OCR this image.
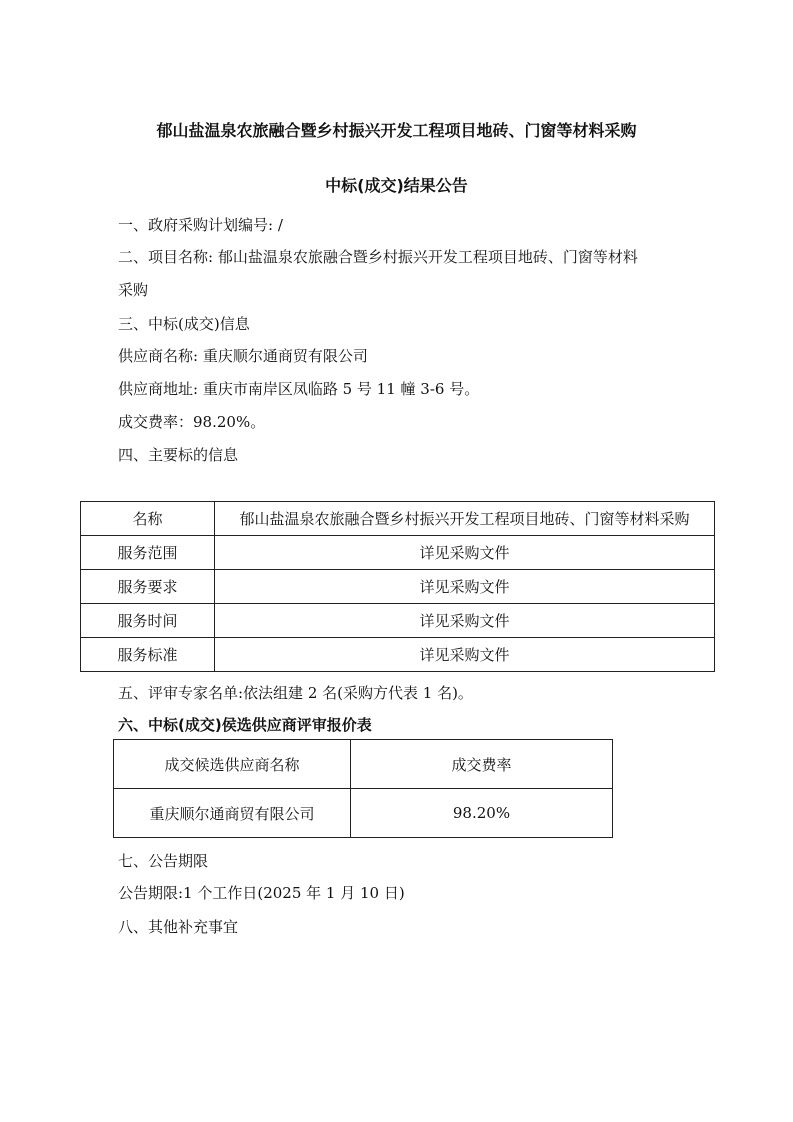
郁山盐温泉农旅融合暨乡村振兴开发工程项目地砖、门窗等材料采购
中标(成交)结果公告
一、政府采购计划编号: /
二、项目名称: 郁山盐温泉农旅融合暨乡村振兴开发工程项目地砖、门窗等材料
采购
三、中标(成交)信息
供应商名称: 重庆顺尔通商贸有限公司
供应商地址: 重庆市南岸区凤临路 5 号 11 幢 3-6 号。
成交费率：98.20%。
四、主要标的信息
名称	郁山盐温泉农旅融合暨乡村振兴开发工程项目地砖、门窗等材料采购
服务范围	详见采购文件
服务要求	详见采购文件
服务时间	详见采购文件
服务标准	详见采购文件
五、评审专家名单:依法组建 2 名(采购方代表 1 名)。
六、中标(成交)侯选供应商评审报价表
成交候选供应商名称	成交费率
重庆顺尔通商贸有限公司	98.20%
七、公告期限
公告期限:1 个工作日(2025 年 1 月 10 日)
八、其他补充事宜
